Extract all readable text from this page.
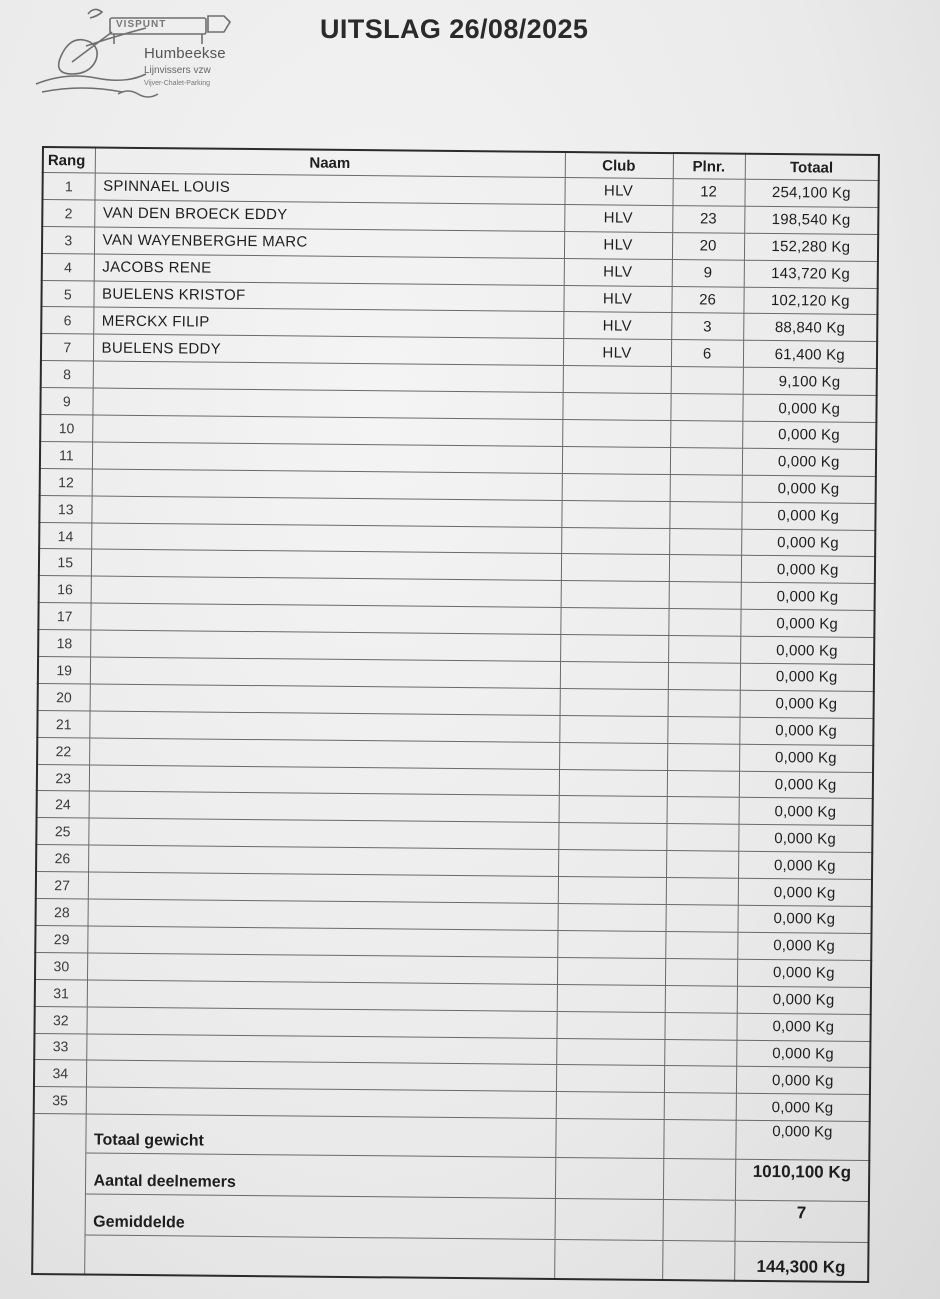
VISPUNT
Humbeekse
Lijnvissers vzw
Vijver-Chalet-Parking
UITSLAG 26/08/2025
Rang	Naam	Club	Plnr.	Totaal
1	SPINNAEL LOUIS	HLV	12	254,100 Kg
2	VAN DEN BROECK EDDY	HLV	23	198,540 Kg
3	VAN WAYENBERGHE MARC	HLV	20	152,280 Kg
4	JACOBS RENE	HLV	9	143,720 Kg
5	BUELENS KRISTOF	HLV	26	102,120 Kg
6	MERCKX FILIP	HLV	3	88,840 Kg
7	BUELENS EDDY	HLV	6	61,400 Kg
8				9,100 Kg
9				0,000 Kg
10				0,000 Kg
11				0,000 Kg
12				0,000 Kg
13				0,000 Kg
14				0,000 Kg
15				0,000 Kg
16				0,000 Kg
17				0,000 Kg
18				0,000 Kg
19				0,000 Kg
20				0,000 Kg
21				0,000 Kg
22				0,000 Kg
23				0,000 Kg
24				0,000 Kg
25				0,000 Kg
26				0,000 Kg
27				0,000 Kg
28				0,000 Kg
29				0,000 Kg
30				0,000 Kg
31				0,000 Kg
32				0,000 Kg
33				0,000 Kg
34				0,000 Kg
35				0,000 Kg
	Totaal gewicht			0,000 Kg
	Aantal deelnemers			1010,100 Kg
	Gemiddelde			7
				144,300 Kg
